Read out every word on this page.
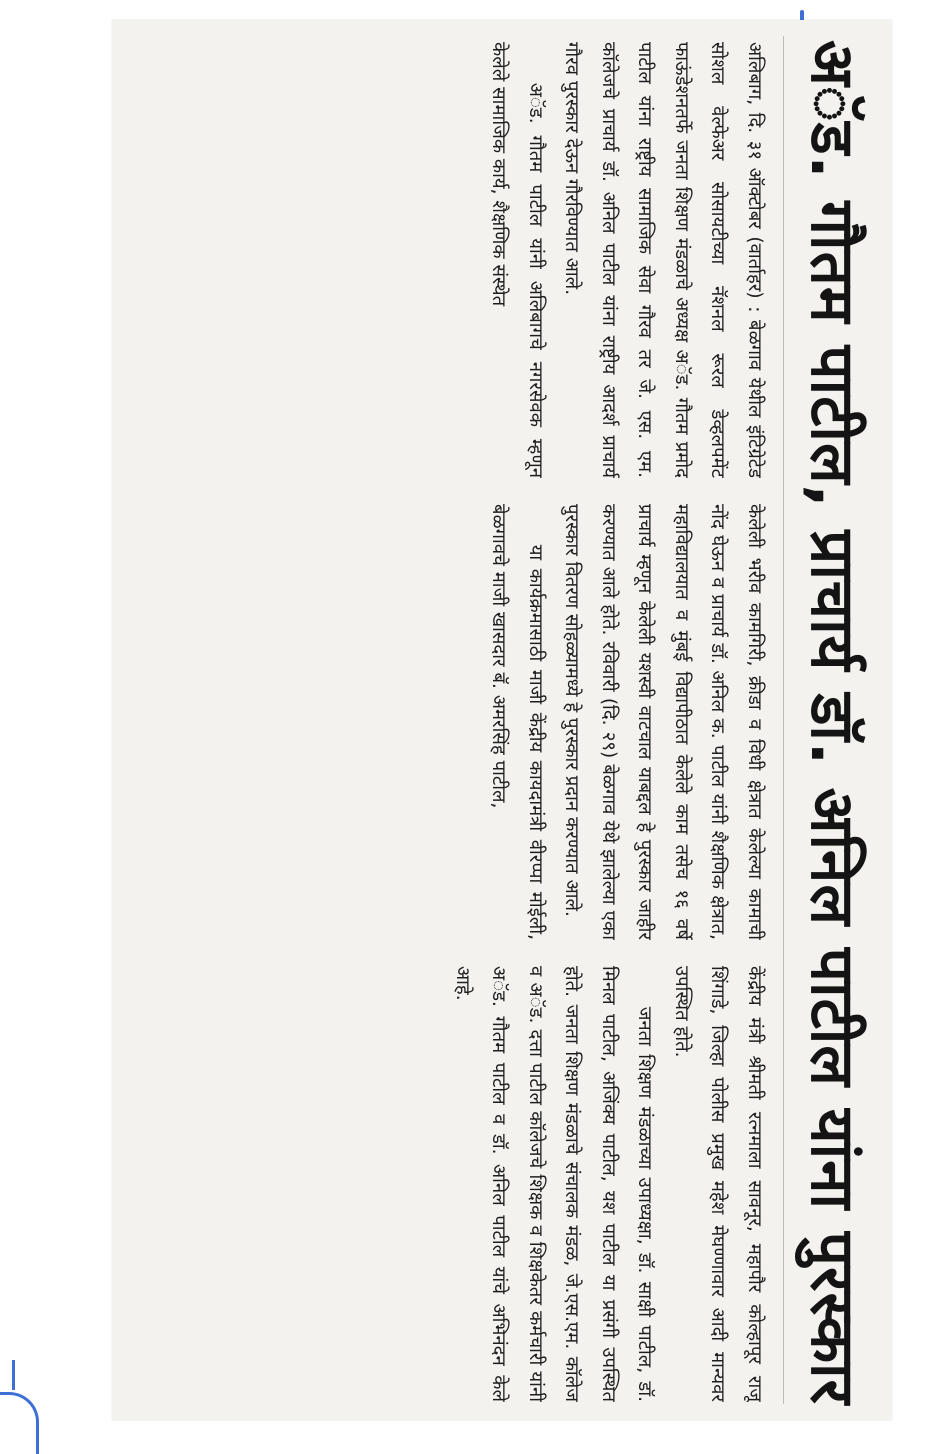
अॅड. गौतम पाटील, प्राचार्य डॉ. अनिल पाटील यांना पुरस्कार

अलिबाग, दि. ३१ ऑक्टोबर (वार्ताहर) : बेळगाव येथील इंटिग्रेटेड सोशल वेल्फेअर सोसायटीच्या नॅशनल रूरल डेव्हलपमेंट फाऊंडेशनतर्फे जनता शिक्षण मंडळाचे अध्यक्ष अॅड. गौतम प्रमोद पाटील यांना राष्ट्रीय सामाजिक सेवा गौरव तर जे. एस. एम. कॉलेजचे प्राचार्य डॉ. अनिल पाटील यांना राष्ट्रीय आदर्श प्राचार्य गौरव पुरस्कार देऊन गौरविण्यात आले.

अॅड. गौतम पाटील यांनी अलिबागचे नगरसेवक म्हणून केलेले सामाजिक कार्य, शैक्षणिक संस्थेत

केलेली भरीव कामगिरी, क्रीडा व विधी क्षेत्रात केलेल्या कामाची नोंद घेऊन व प्राचार्य डॉ. अनिल क. पाटील यांनी शैक्षणिक क्षेत्रात, महाविद्यालयात व मुंबई विद्यापीठात केलेले काम तसेच १६ वर्षे प्राचार्य म्हणून केलेली यशस्वी वाटचाल याबद्दल हे पुरस्कार जाहीर करण्यात आले होते. रविवारी (दि. २९) बेळगाव येथे झालेल्या एका पुरस्कार वितरण सोहळ्यामध्ये हे पुरस्कार प्रदान करण्यात आले.

या कार्यक्रमासाठी माजी केंद्रीय कायदामंत्री वीरप्पा मोईली, बेळगावचे माजी खासदार बॅ. अमरसिंह पाटील,

केंद्रीय मंत्री श्रीमती रत्नमाला सावनूर, महापौर कोल्हापूर राजू शिंगाडे, जिल्हा पोलीस प्रमुख महेश मेघण्णावार आदी मान्यवर उपस्थित होते.

जनता शिक्षण मंडळाच्या उपाध्यक्षा, डॉ. साक्षी पाटील, डॉ. मिनल पाटील, अजिंक्य पाटील, यश पाटील या प्रसंगी उपस्थित होते. जनता शिक्षण मंडळाचे संचालक मंडळ, जे.एस.एम. कॉलेज व अॅड. दत्ता पाटील कॉलेजचे शिक्षक व शिक्षकेतर कर्मचारी यांनी अॅड. गौतम पाटील व डॉ. अनिल पाटील यांचे अभिनंदन केले आहे.
